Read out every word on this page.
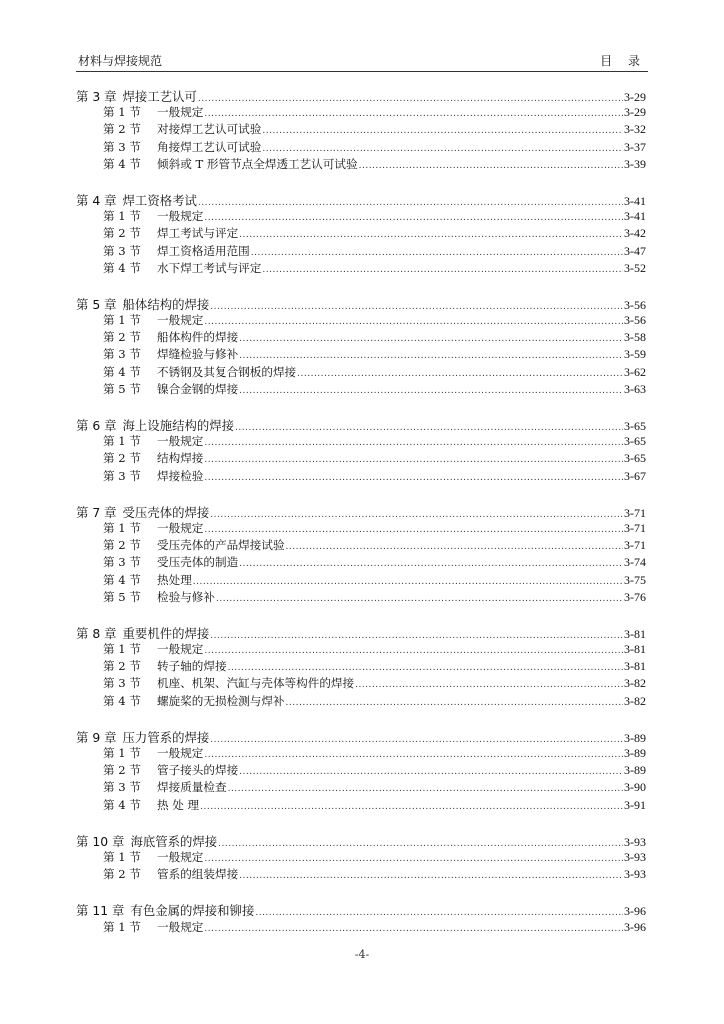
材料与焊接规范	目 录
第 3 章 焊接工艺认可 .....	3-29
第 1 节	一般规定 .....	3-29
第 2 节	对接焊工艺认可试验 .....	3-32
第 3 节	角接焊工艺认可试验 .....	3-37
第 4 节	倾斜或 T 形管节点全焊透工艺认可试验 .....	3-39
第 4 章 焊工资格考试 .....	3-41
第 1 节	一般规定 .....	3-41
第 2 节	焊工考试与评定 .....	3-42
第 3 节	焊工资格适用范围 .....	3-47
第 4 节	水下焊工考试与评定 .....	3-52
第 5 章 船体结构的焊接 .....	3-56
第 1 节	一般规定 .....	3-56
第 2 节	船体构件的焊接 .....	3-58
第 3 节	焊缝检验与修补 .....	3-59
第 4 节	不锈钢及其复合钢板的焊接 .....	3-62
第 5 节	镍合金钢的焊接 .....	3-63
第 6 章 海上设施结构的焊接 .....	3-65
第 1 节	一般规定 .....	3-65
第 2 节	结构焊接 .....	3-65
第 3 节	焊接检验 .....	3-67
第 7 章 受压壳体的焊接 .....	3-71
第 1 节	一般规定 .....	3-71
第 2 节	受压壳体的产品焊接试验 .....	3-71
第 3 节	受压壳体的制造 .....	3-74
第 4 节	热处理 .....	3-75
第 5 节	检验与修补 .....	3-76
第 8 章 重要机件的焊接 .....	3-81
第 1 节	一般规定 .....	3-81
第 2 节	转子轴的焊接 .....	3-81
第 3 节	机座、机架、汽缸与壳体等构件的焊接 .....	3-82
第 4 节	螺旋桨的无损检测与焊补 .....	3-82
第 9 章 压力管系的焊接 .....	3-89
第 1 节	一般规定 .....	3-89
第 2 节	管子接头的焊接 .....	3-89
第 3 节	焊接质量检查 .....	3-90
第 4 节	热 处 理 .....	3-91
第 10 章 海底管系的焊接 .....	3-93
第 1 节	一般规定 .....	3-93
第 2 节	管系的组装焊接 .....	3-93
第 11 章 有色金属的焊接和铆接 .....	3-96
第 1 节	一般规定 .....	3-96
-4-
